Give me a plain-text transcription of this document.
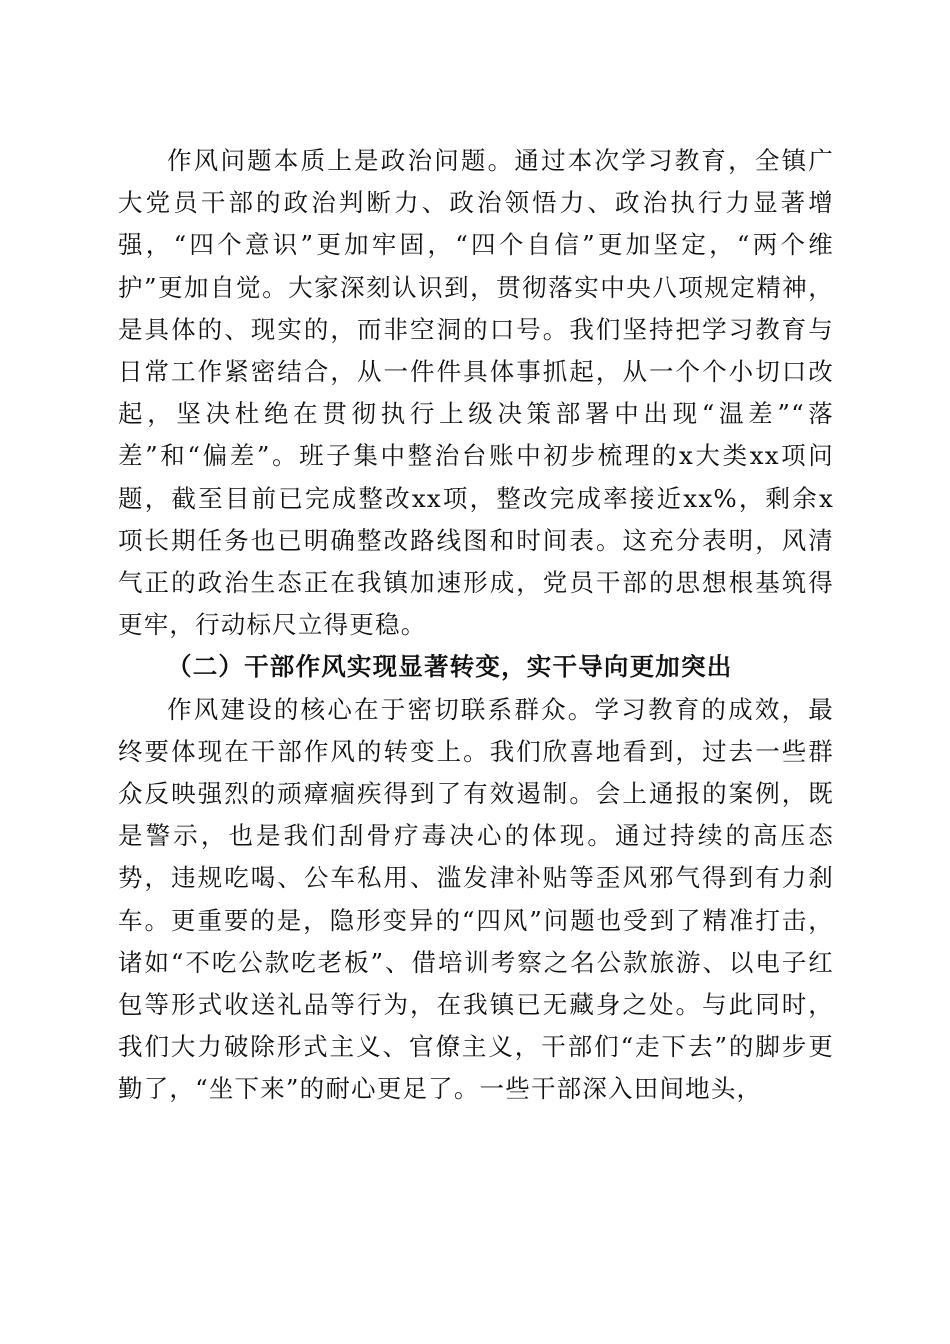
作风问题本质上是政治问题。通过本次学习教育，全镇广大党员干部的政治判断力、政治领悟力、政治执行力显著增强，“四个意识”更加牢固，“四个自信”更加坚定，“两个维护”更加自觉。大家深刻认识到，贯彻落实中央八项规定精神，是具体的、现实的，而非空洞的口号。我们坚持把学习教育与日常工作紧密结合，从一件件具体事抓起，从一个个小切口改起，坚决杜绝在贯彻执行上级决策部署中出现“温差”“落差”和“偏差”。班子集中整治台账中初步梳理的x大类xx项问题，截至目前已完成整改xx项，整改完成率接近xx%，剩余x项长期任务也已明确整改路线图和时间表。这充分表明，风清气正的政治生态正在我镇加速形成，党员干部的思想根基筑得更牢，行动标尺立得更稳。

（二）干部作风实现显著转变，实干导向更加突出

作风建设的核心在于密切联系群众。学习教育的成效，最终要体现在干部作风的转变上。我们欣喜地看到，过去一些群众反映强烈的顽瘴痼疾得到了有效遏制。会上通报的案例，既是警示，也是我们刮骨疗毒决心的体现。通过持续的高压态势，违规吃喝、公车私用、滥发津补贴等歪风邪气得到有力刹车。更重要的是，隐形变异的“四风”问题也受到了精准打击，诸如“不吃公款吃老板”、借培训考察之名公款旅游、以电子红包等形式收送礼品等行为，在我镇已无藏身之处。与此同时，我们大力破除形式主义、官僚主义，干部们“走下去”的脚步更勤了，“坐下来”的耐心更足了。一些干部深入田间地头，
